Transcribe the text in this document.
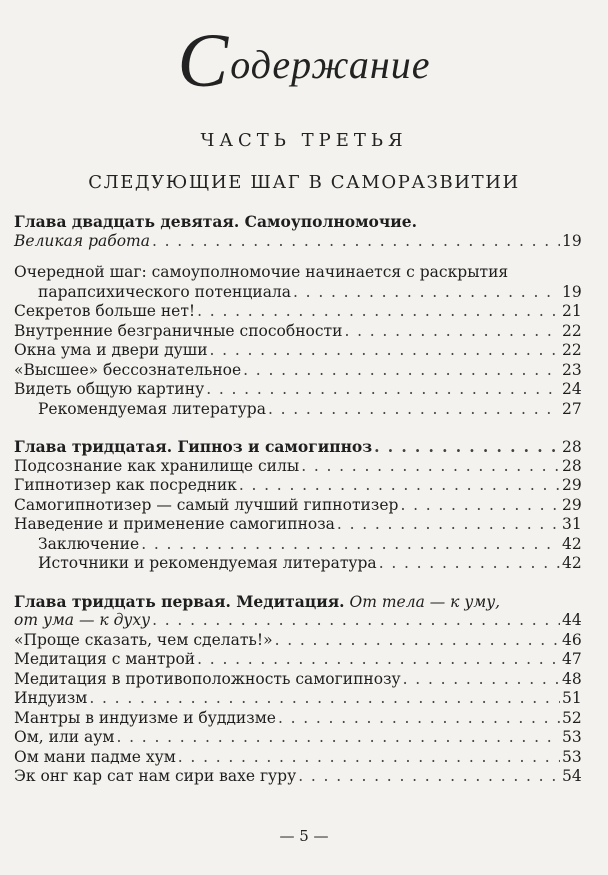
Содержание
ЧАСТЬ ТРЕТЬЯ
СЛЕДУЮЩИЕ ШАГ В САМОРАЗВИТИИ
Глава двадцать девятая. Самоуполномочие.
Великая работа . . .	19
Очередной шаг: самоуполномочие начинается с раскрытия
парапсихического потенциала . . .	19
Секретов больше нет! . . .	21
Внутренние безграничные способности . . .	22
Окна ума и двери души . . .	22
«Высшее» бессознательное . . .	23
Видеть общую картину . . .	24
Рекомендуемая литература . . .	27
Глава тридцатая. Гипноз и самогипноз . . .	28
Подсознание как хранилище силы . . .	28
Гипнотизер как посредник . . .	29
Самогипнотизер — самый лучший гипнотизер . . .	29
Наведение и применение самогипноза . . .	31
Заключение . . .	42
Источники и рекомендуемая литература . . .	42
Глава тридцать первая. Медитация. От тела — к уму,
от ума — к духу . . .	44
«Проще сказать, чем сделать!» . . .	46
Медитация с мантрой . . .	47
Медитация в противоположность самогипнозу . . .	48
Индуизм . . .	51
Мантры в индуизме и буддизме . . .	52
Ом, или аум . . .	53
Ом мани падме хум . . .	53
Эк онг кар сат нам сири вахе гуру . . .	54
— 5 —
